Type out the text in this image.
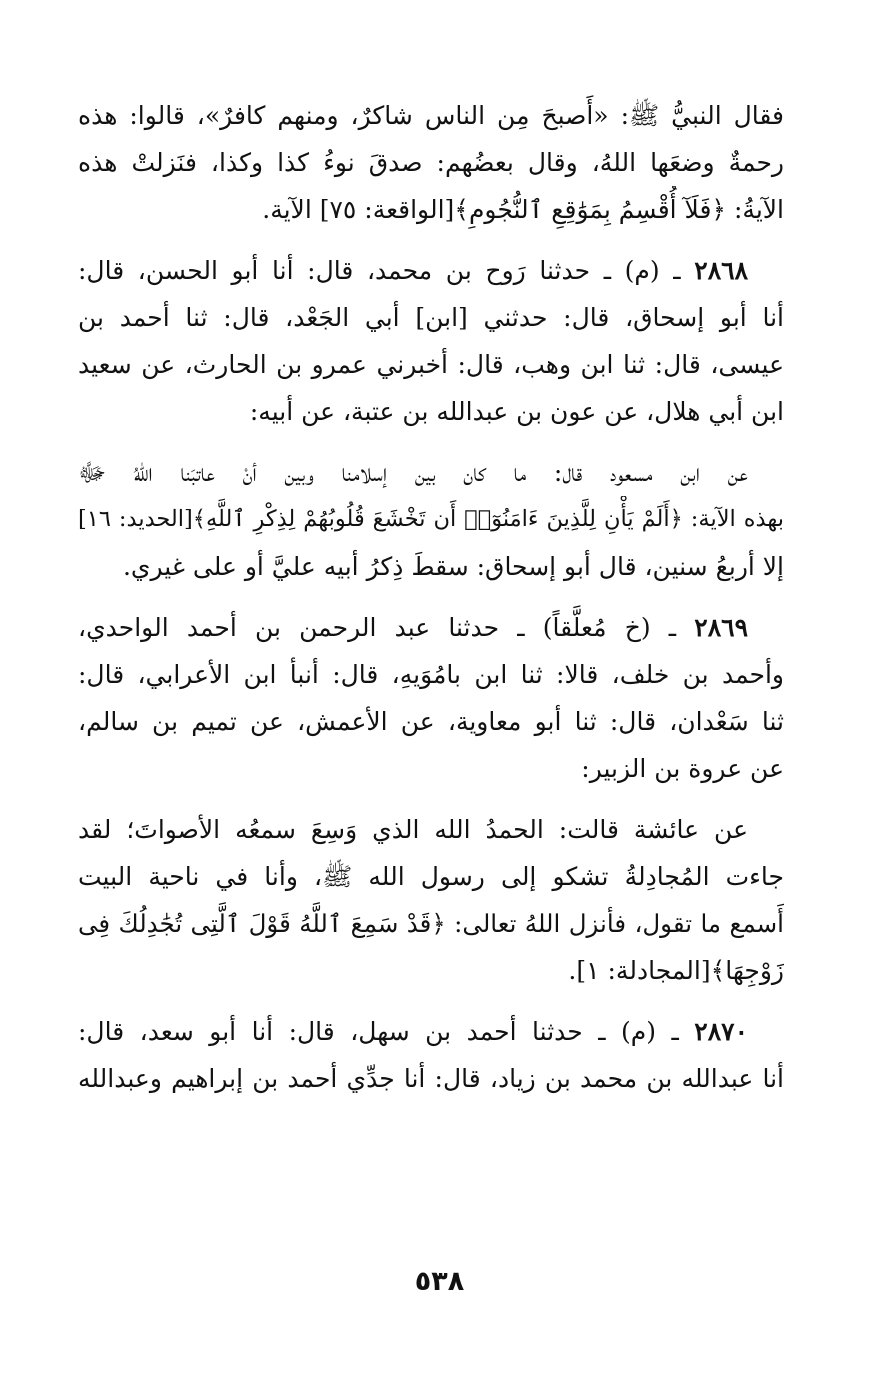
فقال النبيُّ ﷺ: «أَصبحَ مِن الناس شاكرٌ، ومنهم كافرٌ»، قالوا: هذه
رحمةٌ وضعَها اللهُ، وقال بعضُهم: صدقَ نوءُ كذا وكذا، فنَزلتْ هذه
الآيةُ: ﴿فَلَآ أُقْسِمُ بِمَوَٰقِعِ ٱلنُّجُومِ﴾[الواقعة: ٧٥] الآية.
٢٨٦٨ ـ (م) ـ حدثنا رَوح بن محمد، قال: أنا أبو الحسن، قال:
أنا أبو إسحاق، قال: حدثني [ابن] أبي الجَعْد، قال: ثنا أحمد بن
عيسى، قال: ثنا ابن وهب، قال: أخبرني عمرو بن الحارث، عن سعيد
ابن أبي هلال، عن عون بن عبدالله بن عتبة، عن أبيه:
عن ابن مسعود قال: ما كان بين إسلامنا وبين أنْ عاتبَنا اللهُ ﷻ
بهذه الآية: ﴿أَلَمْ يَأْنِ لِلَّذِينَ ءَامَنُوٓا۟ أَن تَخْشَعَ قُلُوبُهُمْ لِذِكْرِ ٱللَّهِ﴾[الحديد: ١٦]
إلا أربعُ سنين، قال أبو إسحاق: سقطَ ذِكرُ أبيه عليَّ أو على غيري.
٢٨٦٩ ـ (خ مُعلَّقاً) ـ حدثنا عبد الرحمن بن أحمد الواحدي،
وأحمد بن خلف، قالا: ثنا ابن بامُوَيهِ، قال: أنبأ ابن الأعرابي، قال:
ثنا سَعْدان، قال: ثنا أبو معاوية، عن الأعمش، عن تميم بن سالم،
عن عروة بن الزبير:
عن عائشة قالت: الحمدُ الله الذي وَسِعَ سمعُه الأصواتَ؛ لقد
جاءت المُجادِلةُ تشكو إلى رسول الله ﷺ، وأنا في ناحية البيت
أَسمع ما تقول، فأنزل اللهُ تعالى: ﴿قَدْ سَمِعَ ٱللَّهُ قَوْلَ ٱلَّتِى تُجَٰدِلُكَ فِى
زَوْجِهَا﴾[المجادلة: ١].
٢٨٧٠ ـ (م) ـ حدثنا أحمد بن سهل، قال: أنا أبو سعد، قال:
أنا عبدالله بن محمد بن زياد، قال: أنا جدِّي أحمد بن إبراهيم وعبدالله
٥٣٨
